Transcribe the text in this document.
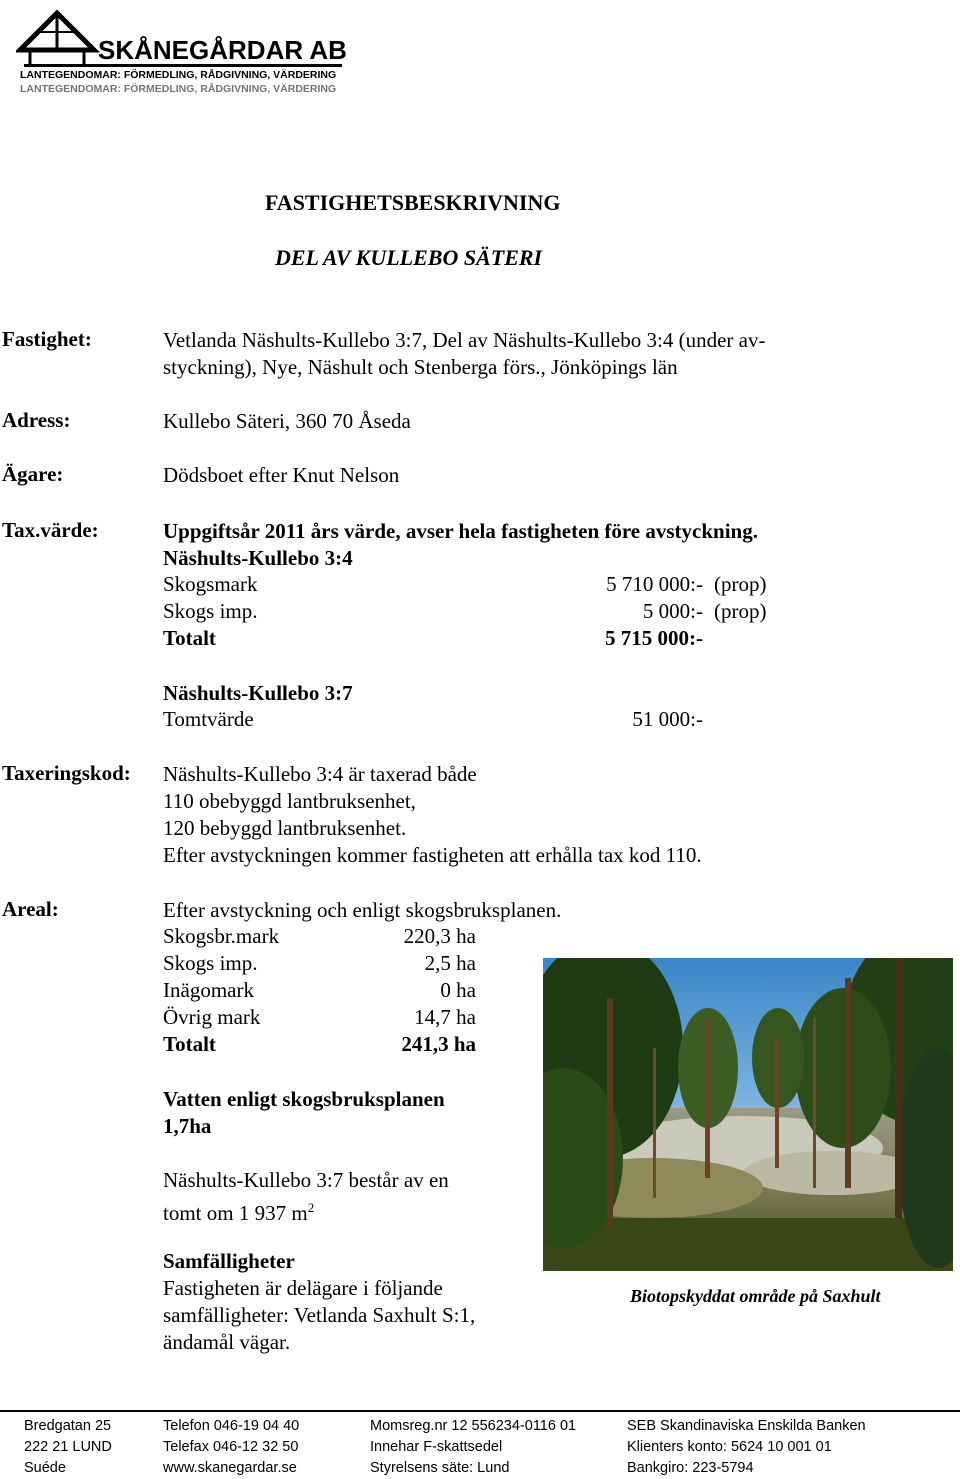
SKÅNEGÅRDAR AB
LANTEGENDOMAR: FÖRMEDLING, RÅDGIVNING, VÄRDERING
LANTEGENDOMAR: FÖRMEDLING, RÅDGIVNING, VÄRDERING
FASTIGHETSBESKRIVNING
DEL AV KULLEBO SÄTERI
Fastighet:	Vetlanda Näshults-Kullebo 3:7, Del av Näshults-Kullebo 3:4 (under av-
styckning), Nye, Näshult och Stenberga förs., Jönköpings län
Adress:	Kullebo Säteri, 360 70 Åseda
Ägare:	Dödsboet efter Knut Nelson
Tax.värde:	Uppgiftsår 2011 års värde, avser hela fastigheten före avstyckning.
Näshults-Kullebo 3:4
Skogsmark	5 710 000:- (prop)
Skogs imp.	5 000:- (prop)
Totalt	5 715 000:-
Näshults-Kullebo 3:7
Tomtvärde	51 000:-
Taxeringskod: Näshults-Kullebo 3:4 är taxerad både
110 obebyggd lantbruksenhet,
120 bebyggd lantbruksenhet.
Efter avstyckningen kommer fastigheten att erhålla tax kod 110.
Areal:	Efter avstyckning och enligt skogsbruksplanen.
Skogsbr.mark	220,3 ha
Skogs imp.	2,5 ha
Inägomark	0 ha
Övrig mark	14,7 ha
Totalt	241,3 ha
Vatten enligt skogsbruksplanen
1,7ha
Näshults-Kullebo 3:7 består av en
tomt om 1 937 $m^2$
Samfälligheter
Fastigheten är delägare i följande
samfälligheter: Vetlanda Saxhult S:1,
ändamål vägar.
Biotopskyddat område på Saxhult
Bredgatan 25
222 21 LUND
Suéde
Telefon 046-19 04 40
Telefax 046-12 32 50
www.skanegardar.se
Momsreg.nr 12 556234-0116 01
Innehar F-skattsedel
Styrelsens säte: Lund
SEB Skandinaviska Enskilda Banken
Klienters konto: 5624 10 001 01
Bankgiro: 223-5794
